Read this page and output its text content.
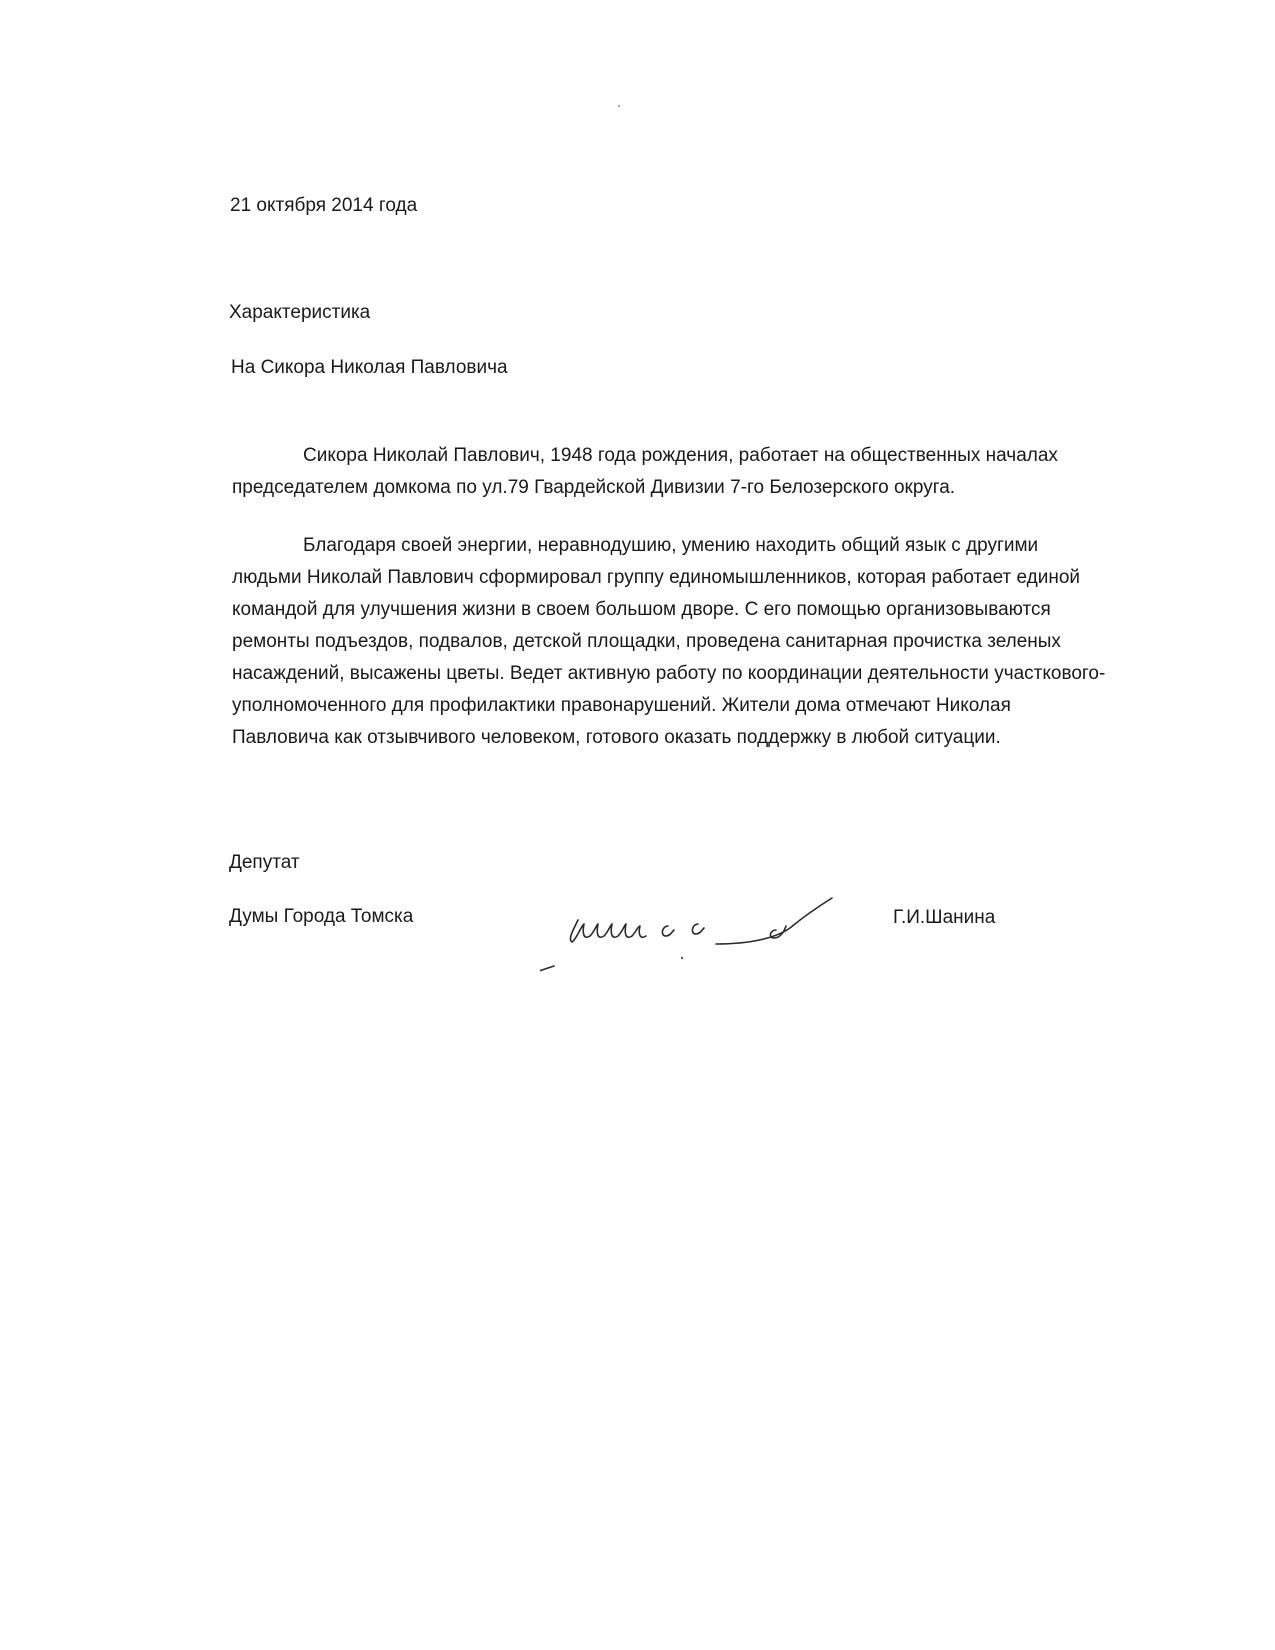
21 октября 2014 года
Характеристика
На Сикора Николая Павловича
Сикора Николай Павлович, 1948 года рождения, работает на общественных началах
председателем домкома по ул.79 Гвардейской Дивизии 7-го Белозерского округа.
Благодаря своей энергии, неравнодушию, умению находить общий язык с другими
людьми Николай Павлович сформировал группу единомышленников, которая работает единой
командой для улучшения жизни в своем большом дворе. С его помощью организовываются
ремонты подъездов, подвалов, детской площадки, проведена санитарная прочистка зеленых
насаждений, высажены цветы. Ведет активную работу по координации деятельности участкового-
уполномоченного для профилактики правонарушений. Жители дома отмечают Николая
Павловича как отзывчивого человеком, готового оказать поддержку в любой ситуации.
Депутат
Думы Города Томска	Г.И.Шанина
